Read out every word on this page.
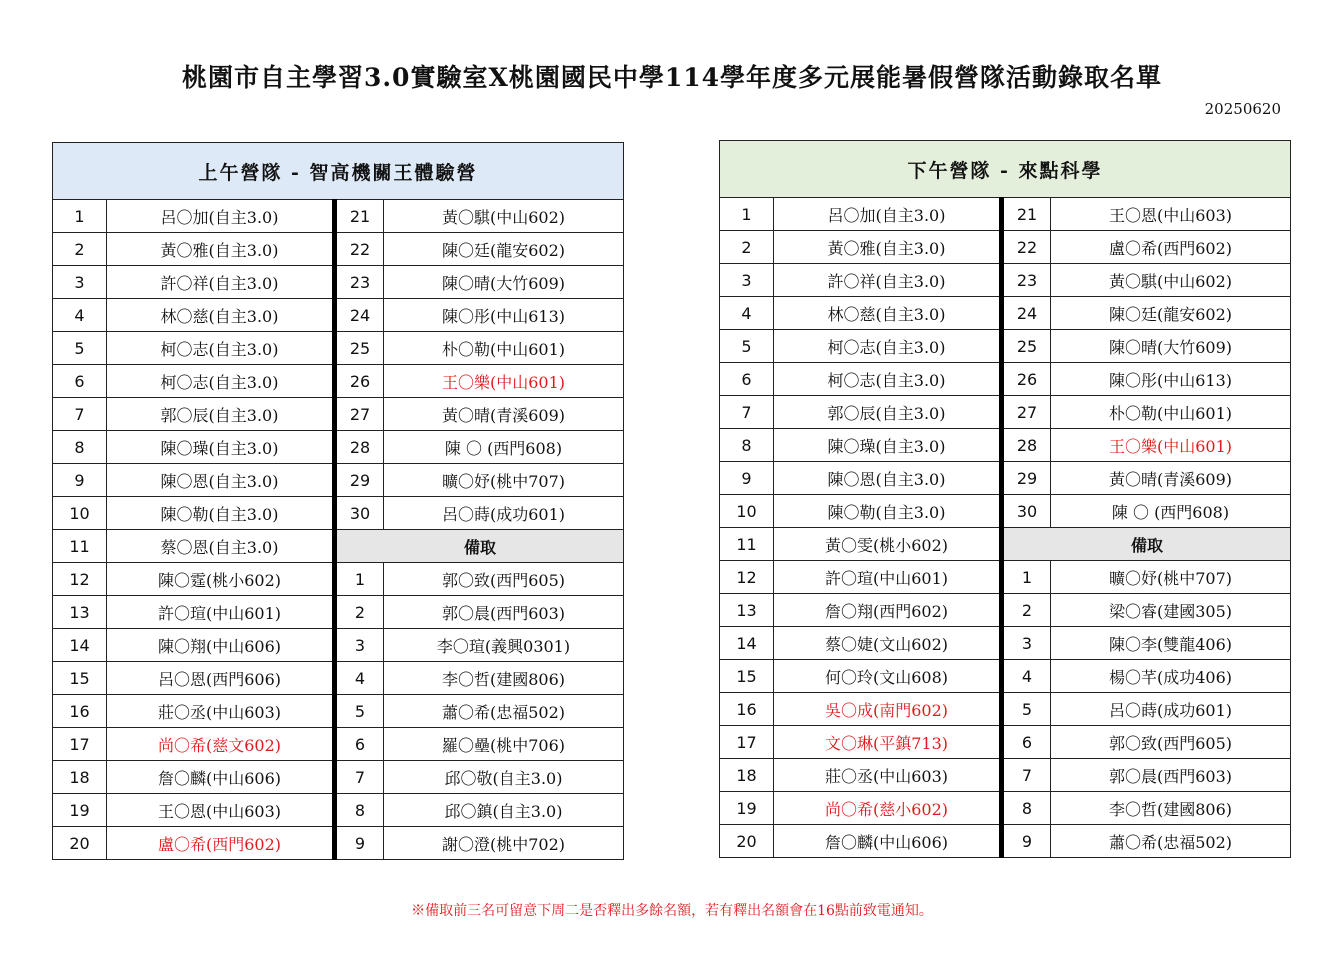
桃園市自主學習3.0實驗室X桃園國民中學114學年度多元展能暑假營隊活動錄取名單
20250620
上午營隊 - 智高機關王體驗營			
1	呂〇加(自主3.0)	21	黃〇騏(中山602)
2	黃〇雅(自主3.0)	22	陳〇廷(龍安602)
3	許〇祥(自主3.0)	23	陳〇晴(大竹609)
4	林〇慈(自主3.0)	24	陳〇彤(中山613)
5	柯〇志(自主3.0)	25	朴〇勒(中山601)
6	柯〇志(自主3.0)	26	王〇樂(中山601)
7	郭〇辰(自主3.0)	27	黃〇晴(青溪609)
8	陳〇璪(自主3.0)	28	陳 〇 (西門608)
9	陳〇恩(自主3.0)	29	曠〇妤(桃中707)
10	陳〇勒(自主3.0)	30	呂〇蒔(成功601)
11	蔡〇恩(自主3.0)	備取	
12	陳〇霆(桃小602)	1	郭〇致(西門605)
13	許〇瑄(中山601)	2	郭〇晨(西門603)
14	陳〇翔(中山606)	3	李〇瑄(義興0301)
15	呂〇恩(西門606)	4	李〇哲(建國806)
16	莊〇丞(中山603)	5	蕭〇希(忠福502)
17	尚〇希(慈文602)	6	羅〇壘(桃中706)
18	詹〇麟(中山606)	7	邱〇敬(自主3.0)
19	王〇恩(中山603)	8	邱〇鎮(自主3.0)
20	盧〇希(西門602)	9	謝〇澄(桃中702)
下午營隊 - 來點科學			
1	呂〇加(自主3.0)	21	王〇恩(中山603)
2	黃〇雅(自主3.0)	22	盧〇希(西門602)
3	許〇祥(自主3.0)	23	黃〇騏(中山602)
4	林〇慈(自主3.0)	24	陳〇廷(龍安602)
5	柯〇志(自主3.0)	25	陳〇晴(大竹609)
6	柯〇志(自主3.0)	26	陳〇彤(中山613)
7	郭〇辰(自主3.0)	27	朴〇勒(中山601)
8	陳〇璪(自主3.0)	28	王〇樂(中山601)
9	陳〇恩(自主3.0)	29	黃〇晴(青溪609)
10	陳〇勒(自主3.0)	30	陳 〇 (西門608)
11	黃〇雯(桃小602)	備取	
12	許〇瑄(中山601)	1	曠〇妤(桃中707)
13	詹〇翔(西門602)	2	梁〇睿(建國305)
14	蔡〇婕(文山602)	3	陳〇李(雙龍406)
15	何〇玲(文山608)	4	楊〇芊(成功406)
16	吳〇成(南門602)	5	呂〇蒔(成功601)
17	文〇琳(平鎮713)	6	郭〇致(西門605)
18	莊〇丞(中山603)	7	郭〇晨(西門603)
19	尚〇希(慈小602)	8	李〇哲(建國806)
20	詹〇麟(中山606)	9	蕭〇希(忠福502)
※備取前三名可留意下周二是否釋出多餘名額，若有釋出名額會在16點前致電通知。
